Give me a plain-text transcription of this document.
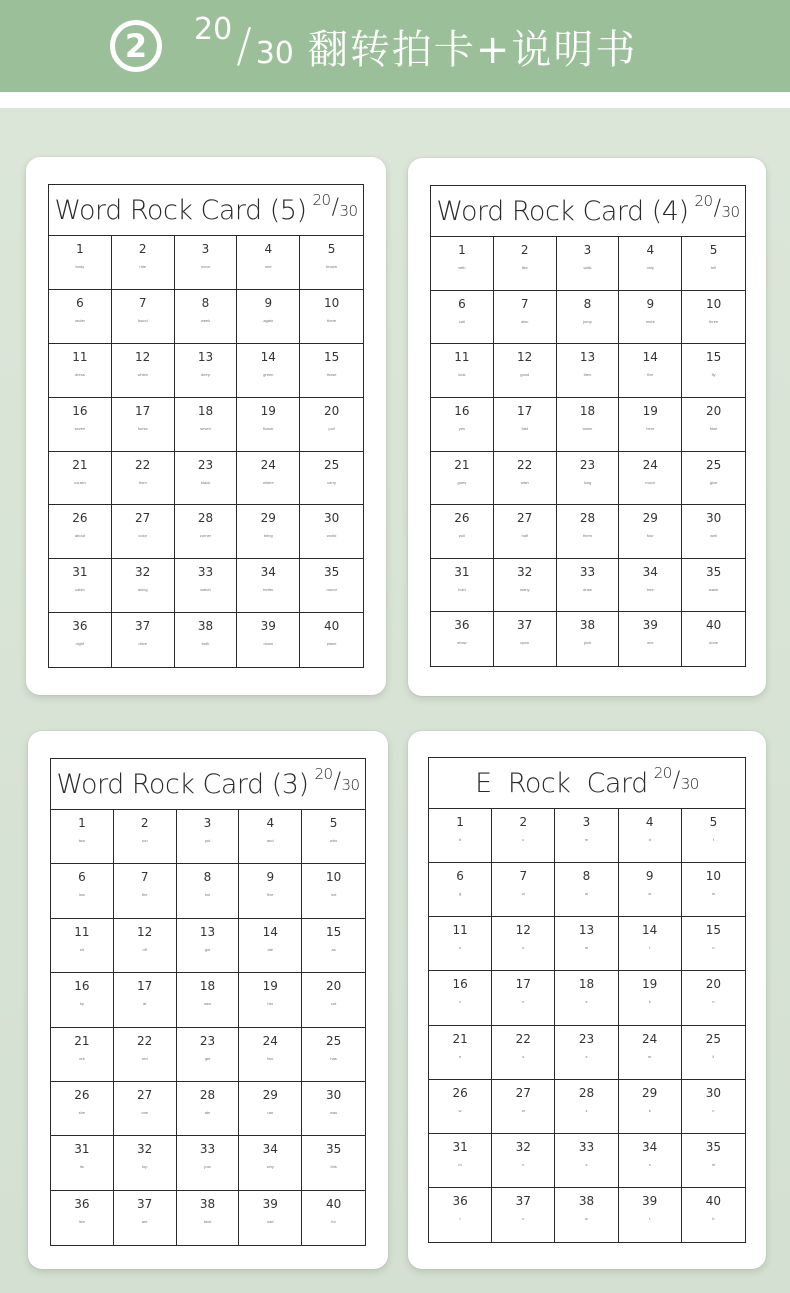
2 20 / 30 翻转拍卡+说明书
Word Rock Card (5) 20 / 30
1
body
2
ride
3
noon
4
one
5
brown
6
under
7
found
8
week
9
again
10
there
11
dress
12
which
13
deep
14
green
15
those
16
seven
17
horse
18
seven
19
flower
20
pull
21
cousin
22
from
23
black
24
where
25
carry
26
about
27
color
28
corner
29
bring
30
world
31
cabin
32
doing
33
watch
34
better
35
round
36
night
37
drive
38
both
39
down
40
plane
Word Rock Card (4) 20 / 30
1
with
2
like
3
walk
4
only
5
tell
6
call
7
also
8
jump
9
more
10
three
11
look
12
good
13
then
14
five
15
fly
16
yes
17
fast
18
warm
19
here
20
blue
21
goes
22
wish
23
long
24
much
25
give
26
pull
27
half
28
them
29
four
30
well
31
hold
32
many
33
draw
34
tree
35
wash
36
show
37
upon
38
pick
39
one
40
done
Word Rock Card (3) 20 / 30
1
two
2
run
3
put
4
and
5
who
6
low
7
the
8
hot
9
five
10
not
11
sit
12
off
13
got
14
ate
15
as
16
by
17
at
18
own
19
her
20
cut
21
out
22
red
23
get
24
two
25
has
26
she
27
one
28
ate
29
ran
30
was
31
its
32
top
33
just
34
why
35
this
36
live
37
are
38
best
39
sad
40
for
E  Rock  Card 20 / 30
1
b
2
c
3
m
4
d
5
f
6
g
7
w
8
m
9
w
10
m
11
s
12
n
13
m
14
t
15
n
16
x
17
n
18
s
19
k
20
n
21
rr
22
s
23
s
24
m
25
ll
26
w
27
w
28
z
29
k
30
n
31
m
32
n
33
s
34
s
35
m
36
t
37
n
38
w
39
t
40
b
